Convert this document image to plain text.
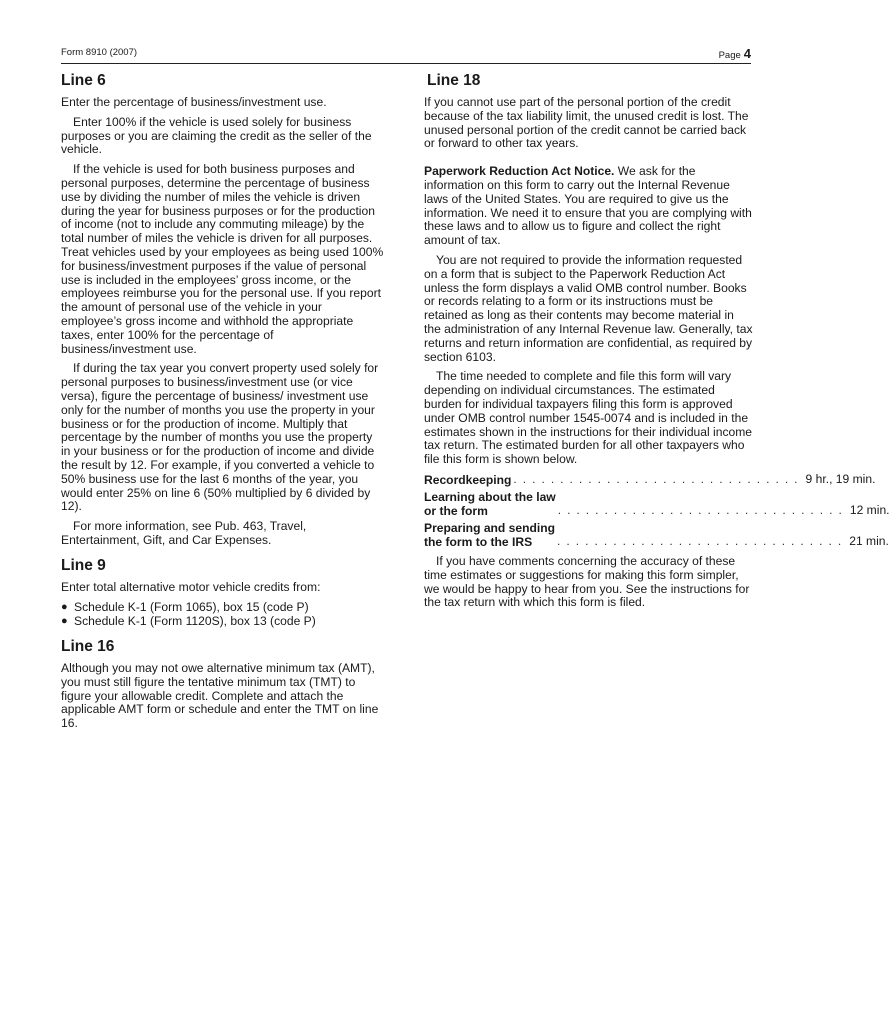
Form 8910 (2007)	Page 4
Line 6

Enter the percentage of business/investment use.

Enter 100% if the vehicle is used solely for business purposes or you are claiming the credit as the seller of the vehicle.

If the vehicle is used for both business purposes and personal purposes, determine the percentage of business use by dividing the number of miles the vehicle is driven during the year for business purposes or for the production of income (not to include any commuting mileage) by the total number of miles the vehicle is driven for all purposes. Treat vehicles used by your employees as being used 100% for business/investment purposes if the value of personal use is included in the employees’ gross income, or the employees reimburse you for the personal use. If you report the amount of personal use of the vehicle in your employee’s gross income and withhold the appropriate taxes, enter 100% for the percentage of business/investment use.

If during the tax year you convert property used solely for personal purposes to business/investment use (or vice versa), figure the percentage of business/ investment use only for the number of months you use the property in your business or for the production of income. Multiply that percentage by the number of months you use the property in your business or for the production of income and divide the result by 12. For example, if you converted a vehicle to 50% business use for the last 6 months of the year, you would enter 25% on line 6 (50% multiplied by 6 divided by 12).

For more information, see Pub. 463, Travel, Entertainment, Gift, and Car Expenses.

Line 9

Enter total alternative motor vehicle credits from:

● Schedule K-1 (Form 1065), box 15 (code P)
● Schedule K-1 (Form 1120S), box 13 (code P)
Line 16

Although you may not owe alternative minimum tax (AMT), you must still figure the tentative minimum tax (TMT) to figure your allowable credit. Complete and attach the applicable AMT form or schedule and enter the TMT on line 16.

Line 18

If you cannot use part of the personal portion of the credit because of the tax liability limit, the unused credit is lost. The unused personal portion of the credit cannot be carried back or forward to other tax years.

Paperwork Reduction Act Notice. We ask for the information on this form to carry out the Internal Revenue laws of the United States. You are required to give us the information. We need it to ensure that you are complying with these laws and to allow us to figure and collect the right amount of tax.

You are not required to provide the information requested on a form that is subject to the Paperwork Reduction Act unless the form displays a valid OMB control number. Books or records relating to a form or its instructions must be retained as long as their contents may become material in the administration of any Internal Revenue law. Generally, tax returns and return information are confidential, as required by section 6103.

The time needed to complete and file this form will vary depending on individual circumstances. The estimated burden for individual taxpayers filing this form is approved under OMB control number 1545-0074 and is included in the estimates shown in the instructions for their individual income tax return. The estimated burden for all other taxpayers who file this form is shown below.

Recordkeeping ............................... 9 hr., 19 min.
Learning about the law
or the form	............................... 12 min.
Preparing and sending
the form to the IRS	............................... 21 min.

If you have comments concerning the accuracy of these time estimates or suggestions for making this form simpler, we would be happy to hear from you. See the instructions for the tax return with which this form is filed.
